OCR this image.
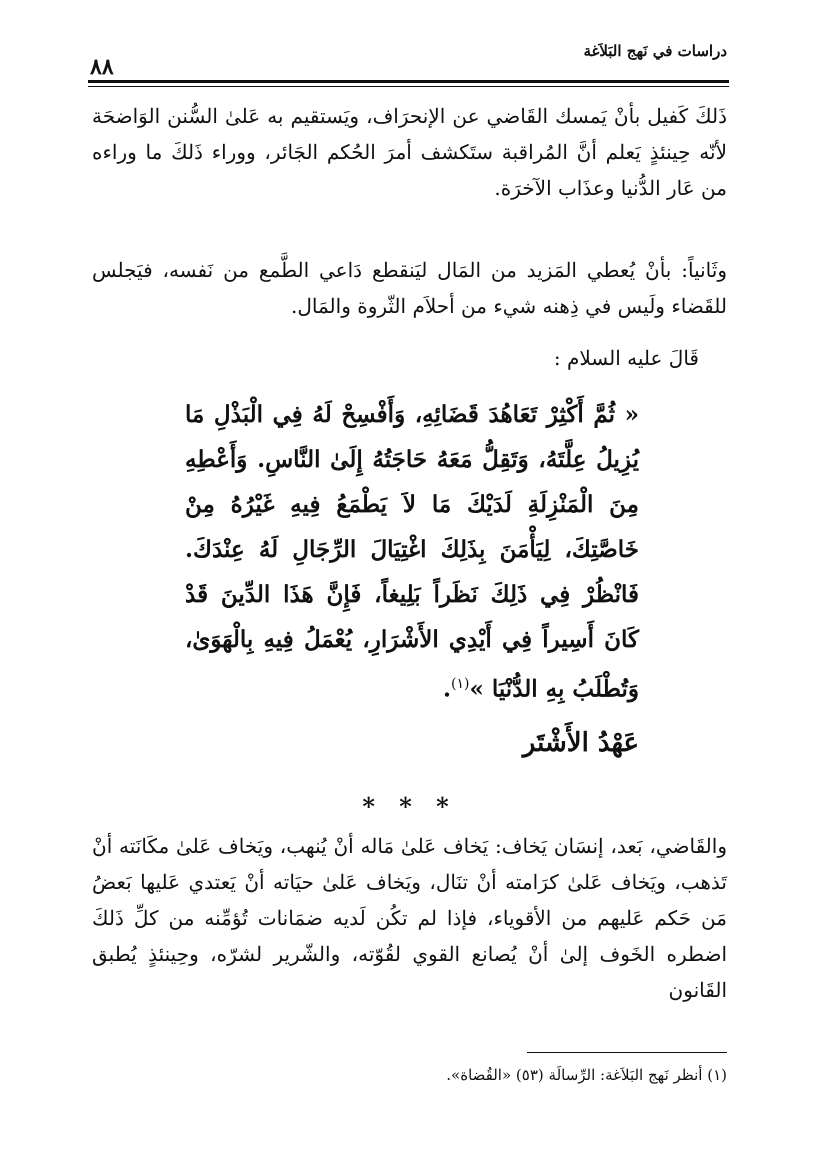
دراسات في نَهج البَلاَغة
٨٨
ذَلكَ كَفيل بأنْ يَمسك القَاضي عن الإنحرَاف، ويَستقيم به عَلىٰ السُّنن الوَاضحَة لأنّه حِينئذٍ يَعلم أنَّ المُراقبة ستَكشف أمرَ الحُكم الجَائر، ووراء ذَلكَ ما وراءه من عَار الدُّنيا وعذَاب الآخرَة.
وثَانياً: بأنْ يُعطي المَزيد من المَال ليَنقطع دَاعي الطَّمع من نَفسه، فيَجلس للقَضاء ولَيس في ذِهنه شيء من أحلاَم الثّروة والمَال.
قَالَ عليه السلام :
« ثُمَّ أَكْثِرْ تَعَاهُدَ قَضَائِهِ، وَأَفْسِحْ لَهُ فِي الْبَذْلِ مَا يُزِيلُ عِلَّتَهُ، وَتَقِلُّ مَعَهُ حَاجَتُهُ إِلَىٰ النَّاسِ. وَأَعْطِهِ مِنَ الْمَنْزِلَةِ لَدَيْكَ مَا لاَ يَطْمَعُ فِيهِ غَيْرُهُ مِنْ خَاصَّتِكَ، لِيَأْمَنَ بِذَلِكَ اغْتِيَالَ الرِّجَالِ لَهُ عِنْدَكَ. فَانْظُرْ فِي ذَلِكَ نَظَراً بَلِيغاً، فَإِنَّ هَذَا الدِّينَ قَدْ كَانَ أَسِيراً فِي أَيْدِي الأَشْرَارِ، يُعْمَلُ فِيهِ بِالْهَوَىٰ، وَتُطْلَبُ بِهِ الدُّنْيَا »$^{(١)}$.
عَهْدُ الأَشْتَر
* * *
والقَاضي، بَعد، إنسَان يَخاف: يَخاف عَلىٰ مَاله أنْ يُنهب، ويَخاف عَلىٰ مكَانَته أنْ تَذهب، ويَخاف عَلىٰ كرَامته أنْ تنَال، ويَخاف عَلىٰ حيَاته أنْ يَعتدي عَليها بَعضُ مَن حَكم عَليهم من الأقوياء، فإذا لم تكُن لَديه ضمَانات تُؤمِّنه من كلِّ ذَلكَ اضطره الخَوف إلىٰ أنْ يُصانع القوي لقُوّته، والشّرير لشرّه، وحِينئذٍ يُطبق القَانون
(١) أنظر نَهج البَلاَغة: الرِّسالَة (٥٣) «القُضاة».
